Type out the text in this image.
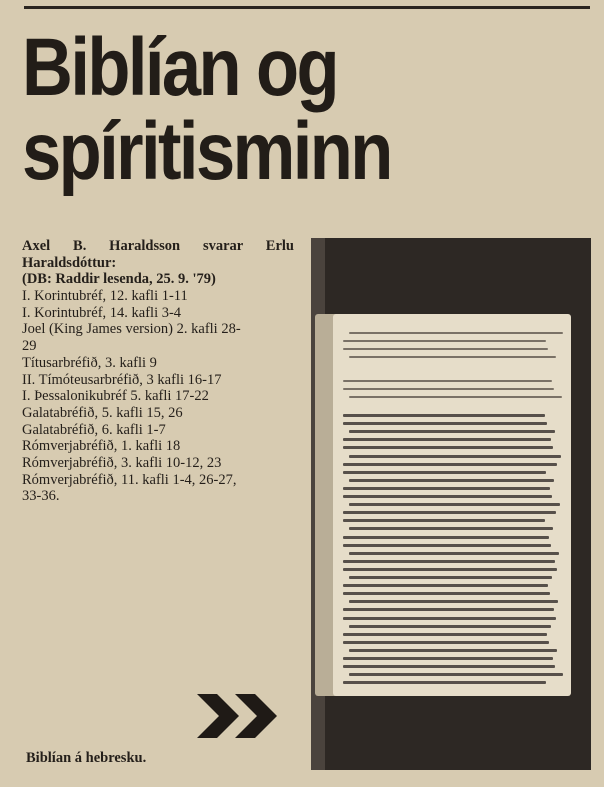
Biblían og
spíritisminn
Axel B. Haraldsson svarar Erlu
Haraldsdóttur:
(DB: Raddir lesenda, 25. 9. '79)
I. Korintubréf, 12. kafli 1-11
I. Korintubréf, 14. kafli 3-4
Joel (King James version) 2. kafli 28-
29
Títusarbréfið, 3. kafli 9
II. Tímóteusarbréfið, 3 kafli 16-17
I. Þessalonikubréf 5. kafli 17-22
Galatabréfið, 5. kafli 15, 26
Galatabréfið, 6. kafli 1-7
Rómverjabréfið, 1. kafli 18
Rómverjabréfið, 3. kafli 10-12, 23
Rómverjabréfið, 11. kafli 1-4, 26-27,
33-36.

Biblían á hebresku.
